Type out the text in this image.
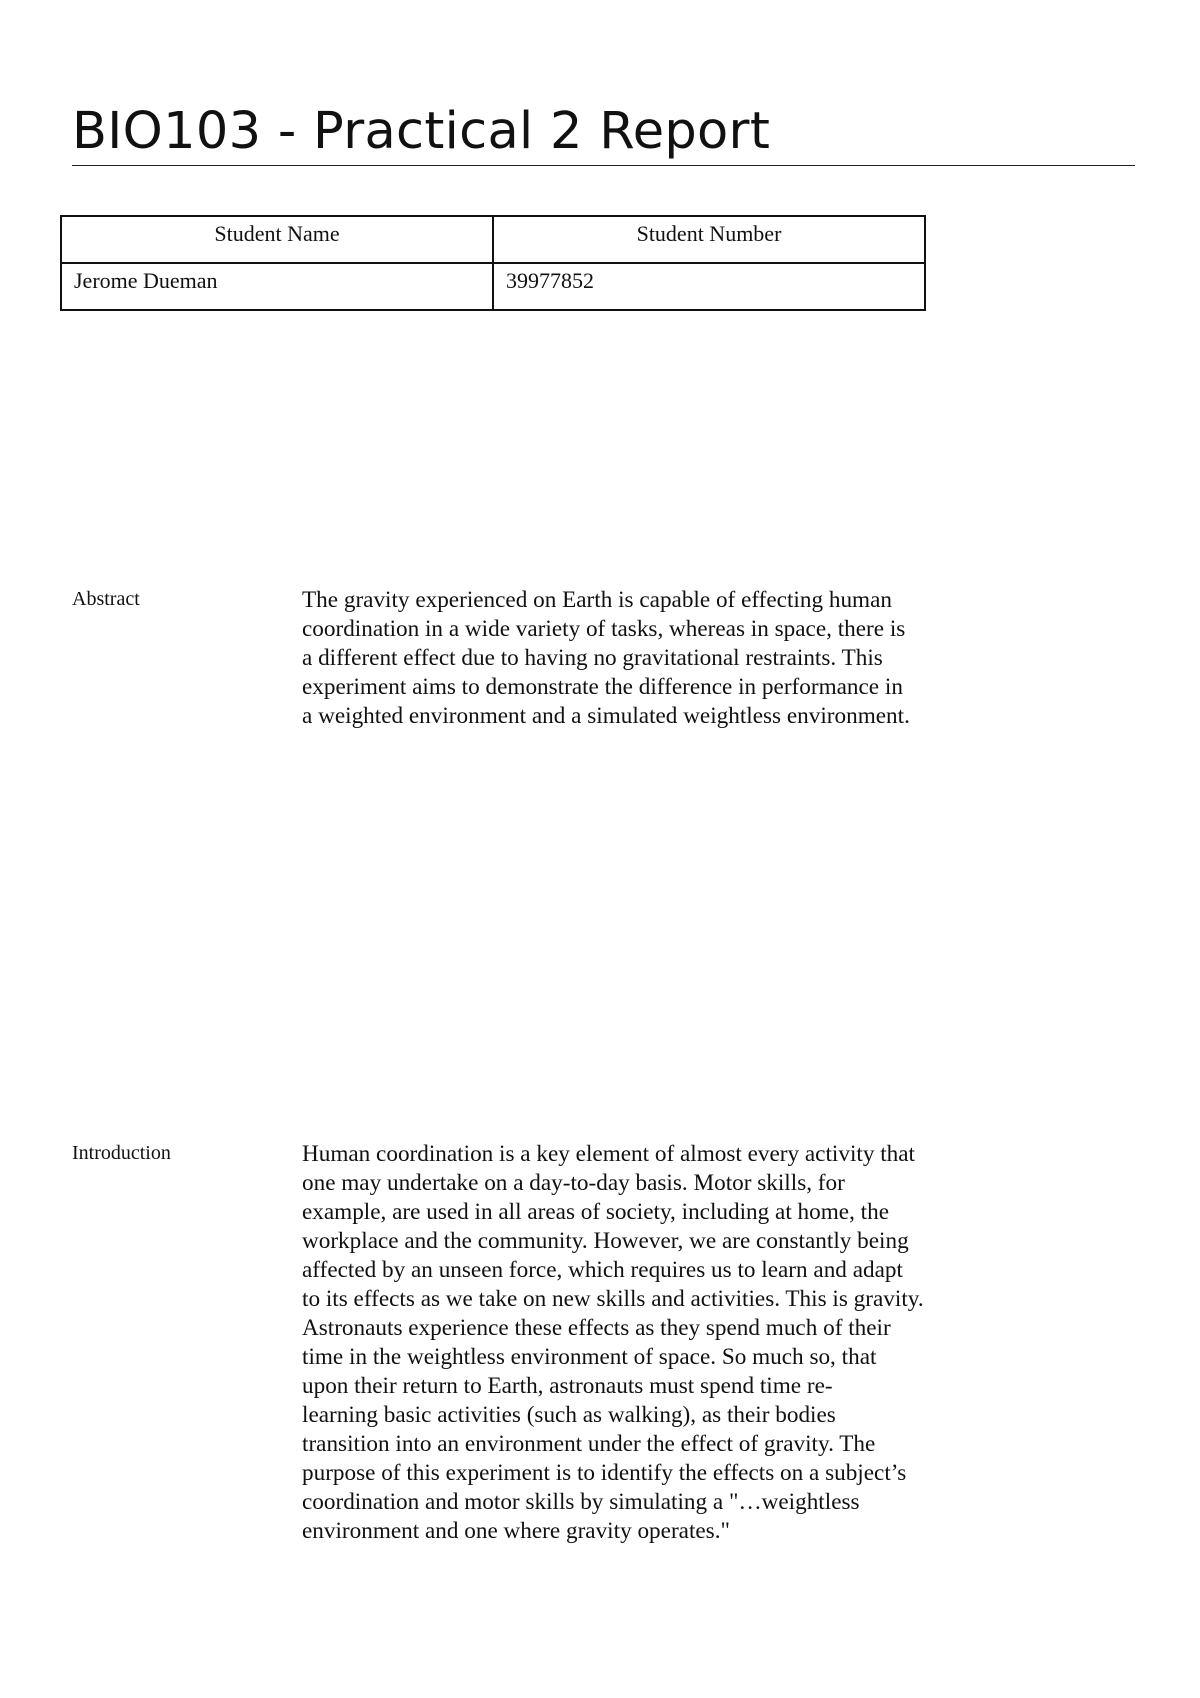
BIO103 - Practical 2 Report
Student Name	Student Number
Jerome Dueman	39977852
Abstract	The gravity experienced on Earth is capable of effecting human
coordination in a wide variety of tasks, whereas in space, there is
a different effect due to having no gravitational restraints. This
experiment aims to demonstrate the difference in performance in
a weighted environment and a simulated weightless environment.
Introduction	Human coordination is a key element of almost every activity that
one may undertake on a day-to-day basis. Motor skills, for
example, are used in all areas of society, including at home, the
workplace and the community. However, we are constantly being
affected by an unseen force, which requires us to learn and adapt
to its effects as we take on new skills and activities. This is gravity.
Astronauts experience these effects as they spend much of their
time in the weightless environment of space. So much so, that
upon their return to Earth, astronauts must spend time re-
learning basic activities (such as walking), as their bodies
transition into an environment under the effect of gravity. The
purpose of this experiment is to identify the effects on a subject’s
coordination and motor skills by simulating a "…weightless
environment and one where gravity operates."
